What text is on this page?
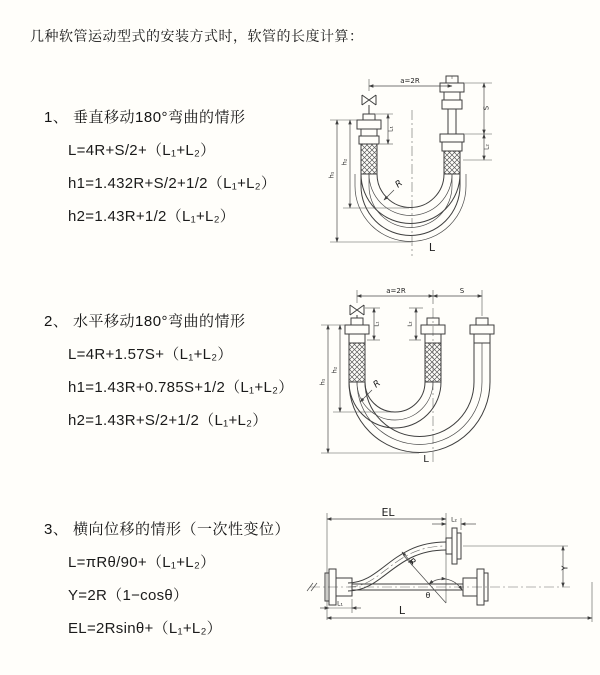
几种软管运动型式的安装方式时，软管的长度计算：
1、 垂直移动180°弯曲的情形
L=4R+S/2+（L₁+L₂）
h1=1.432R+S/2+1/2（L₁+L₂）
h2=1.43R+1/2（L₁+L₂）
2、 水平移动180°弯曲的情形
L=4R+1.57S+（L₁+L₂）
h1=1.43R+0.785S+1/2（L₁+L₂）
h2=1.43R+S/2+1/2（L₁+L₂）
3、 横向位移的情形（一次性变位）
L=πRθ/90+（L₁+L₂）
Y=2R（1−cosθ）
EL=2Rsinθ+（L₁+L₂）
a=2R
h₁
h₂
L₁
S
L₂
R
L
a=2R	S
h₁
h₂
L₁	L₂
R
L
EL
L₂
Y
R
θ
L₁	L
